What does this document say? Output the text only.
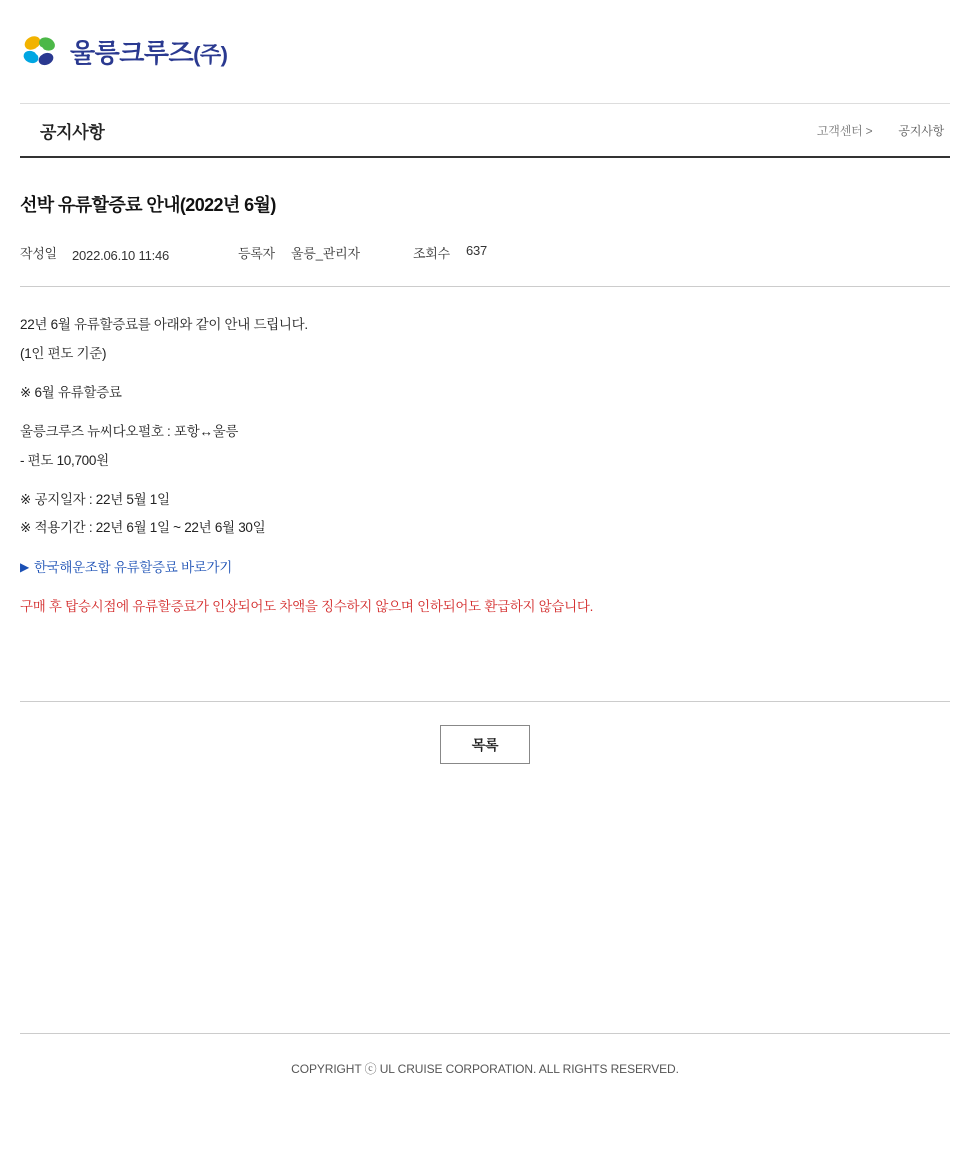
울릉크루즈(주)
공지사항	고객센터 > 공지사항
선박 유류할증료 안내(2022년 6월)
작성일	2022.06.10 11:46	등록자	울릉_관리자	조회수	637

22년 6월 유류할증료를 아래와 같이 안내 드립니다.

(1인 편도 기준)

※ 6월 유류할증료

울릉크루즈 뉴씨다오펄호 : 포항↔울릉

- 편도 10,700원

※ 공지일자 : 22년 5월 1일

※ 적용기간 : 22년 6월 1일 ~ 22년 6월 30일

▶ 한국해운조합 유류할증료 바로가기

구매 후 탑승시점에 유류할증료가 인상되어도 차액을 징수하지 않으며 인하되어도 환급하지 않습니다.

목록
COPYRIGHT ⓒ UL CRUISE CORPORATION. ALL RIGHTS RESERVED.
